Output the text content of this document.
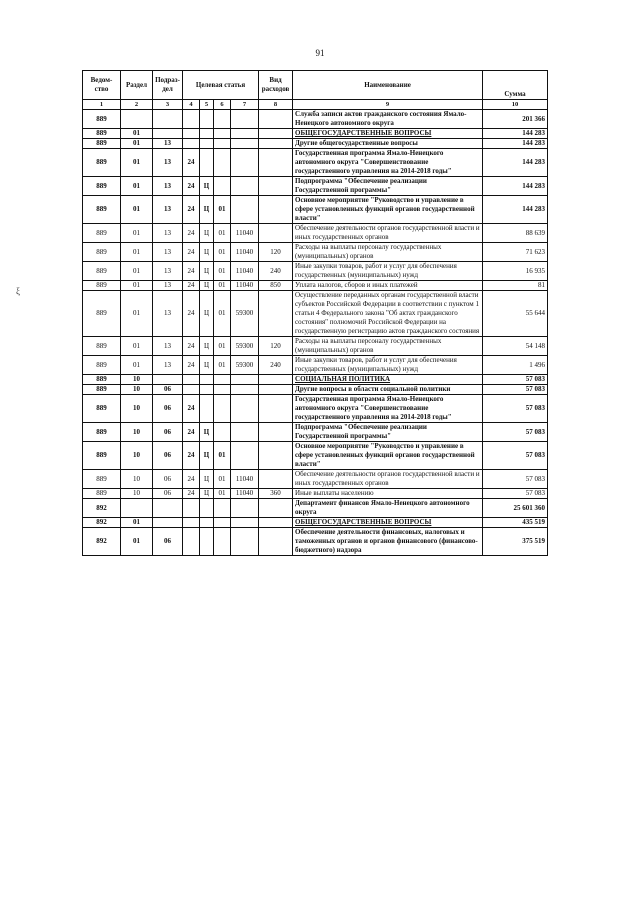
91
ξ
Ведом-ство	Раздел	Подраз-дел	Целевая статья				Вид расходов	Наименование	Сумма
1	2	3	4	5	6	7	8	9	10
889								Служба записи актов гражданского состояния Ямало-Ненецкого автономного округа	201 366
889	01							ОБЩЕГОСУДАРСТВЕННЫЕ ВОПРОСЫ	144 283
889	01	13						Другие общегосударственные вопросы	144 283
889	01	13	24					Государственная программа Ямало-Ненецкого автономного округа "Совершенствование государственного управления на 2014-2018 годы"	144 283
889	01	13	24	Ц				Подпрограмма "Обеспечение реализации Государственной программы"	144 283
889	01	13	24	Ц	01			Основное мероприятие "Руководство и управление в сфере установленных функций органов государственной власти"	144 283
889	01	13	24	Ц	01	11040		Обеспечение деятельности органов государственной власти и иных государственных органов	88 639
889	01	13	24	Ц	01	11040	120	Расходы на выплаты персоналу государственных (муниципальных) органов	71 623
889	01	13	24	Ц	01	11040	240	Иные закупки товаров, работ и услуг для обеспечения государственных (муниципальных) нужд	16 935
889	01	13	24	Ц	01	11040	850	Уплата налогов, сборов и иных платежей	81
889	01	13	24	Ц	01	59300		Осуществление переданных органам государственной власти субъектов Российской Федерации в соответствии с пунктом 1 статьи 4 Федерального закона "Об актах гражданского состояния" полномочий Российской Федерации на государственную регистрацию актов гражданского состояния	55 644
889	01	13	24	Ц	01	59300	120	Расходы на выплаты персоналу государственных (муниципальных) органов	54 148
889	01	13	24	Ц	01	59300	240	Иные закупки товаров, работ и услуг для обеспечения государственных (муниципальных) нужд	1 496
889	10							СОЦИАЛЬНАЯ ПОЛИТИКА	57 083
889	10	06						Другие вопросы в области социальной политики	57 083
889	10	06	24					Государственная программа Ямало-Ненецкого автономного округа "Совершенствование государственного управления на 2014-2018 годы"	57 083
889	10	06	24	Ц				Подпрограмма "Обеспечение реализации Государственной программы"	57 083
889	10	06	24	Ц	01			Основное мероприятие "Руководство и управление в сфере установленных функций органов государственной власти"	57 083
889	10	06	24	Ц	01	11040		Обеспечение деятельности органов государственной власти и иных государственных органов	57 083
889	10	06	24	Ц	01	11040	360	Иные выплаты населению	57 083
892								Департамент финансов Ямало-Ненецкого автономного округа	25 601 360
892	01							ОБЩЕГОСУДАРСТВЕННЫЕ ВОПРОСЫ	435 519
892	01	06						Обеспечение деятельности финансовых, налоговых и таможенных органов и органов финансового (финансово-бюджетного) надзора	375 519
